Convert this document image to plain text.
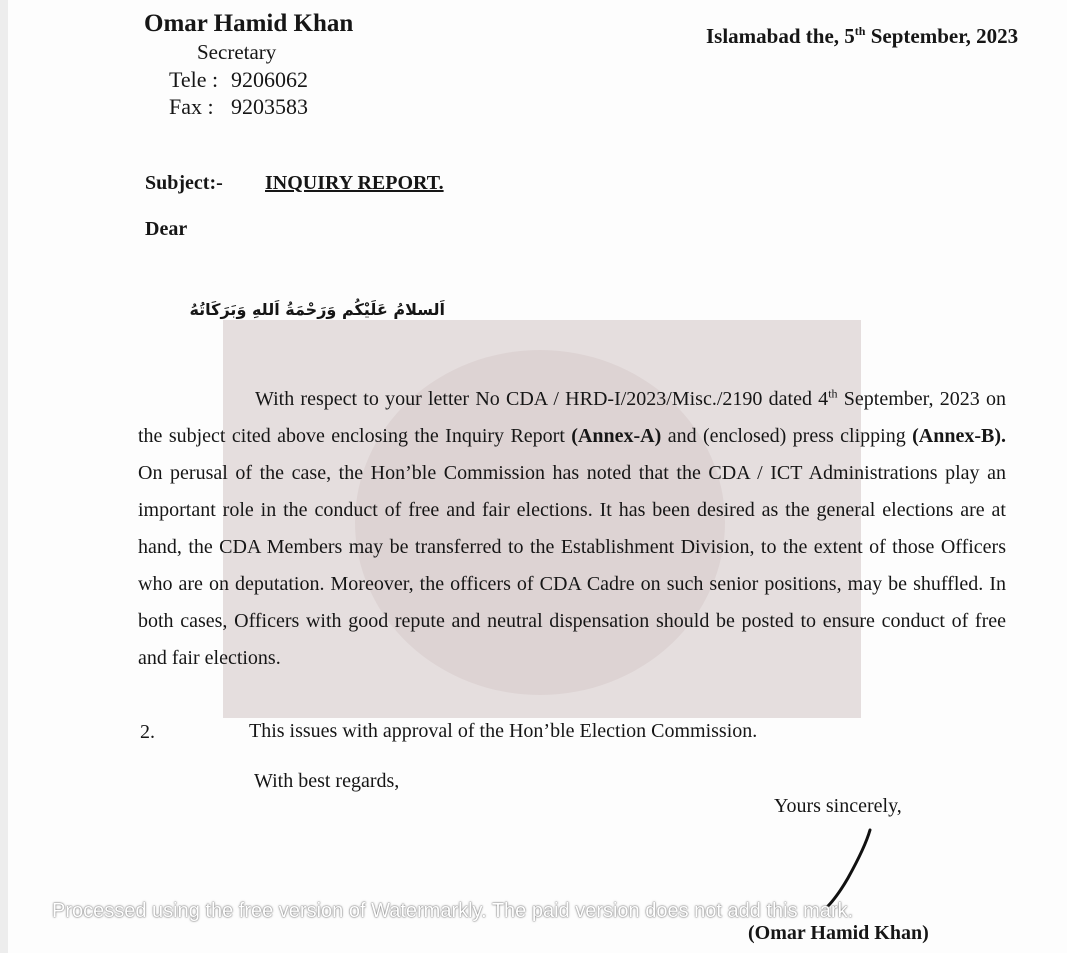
Omar Hamid Khan
Secretary
Tele : 9206062
Fax : 9203583
Islamabad the, 5th September, 2023
Subject:- INQUIRY REPORT.
Dear
اَلسلامُ عَلَيْكُم وَرَحْمَةُ اَللهِ وَبَرَكَاتُهُ
With respect to your letter No CDA / HRD-I/2023/Misc./2190 dated 4th September, 2023 on the subject cited above enclosing the Inquiry Report (Annex-A) and (enclosed) press clipping (Annex-B). On perusal of the case, the Hon’ble Commission has noted that the CDA / ICT Administrations play an important role in the conduct of free and fair elections. It has been desired as the general elections are at hand, the CDA Members may be transferred to the Establishment Division, to the extent of those Officers who are on deputation. Moreover, the officers of CDA Cadre on such senior positions, may be shuffled. In both cases, Officers with good repute and neutral dispensation should be posted to ensure conduct of free and fair elections.
2.	This issues with approval of the Hon’ble Election Commission.
With best regards,
Yours sincerely,
Processed using the free version of Watermarkly. The paid version does not add this mark.
(Omar Hamid Khan)
